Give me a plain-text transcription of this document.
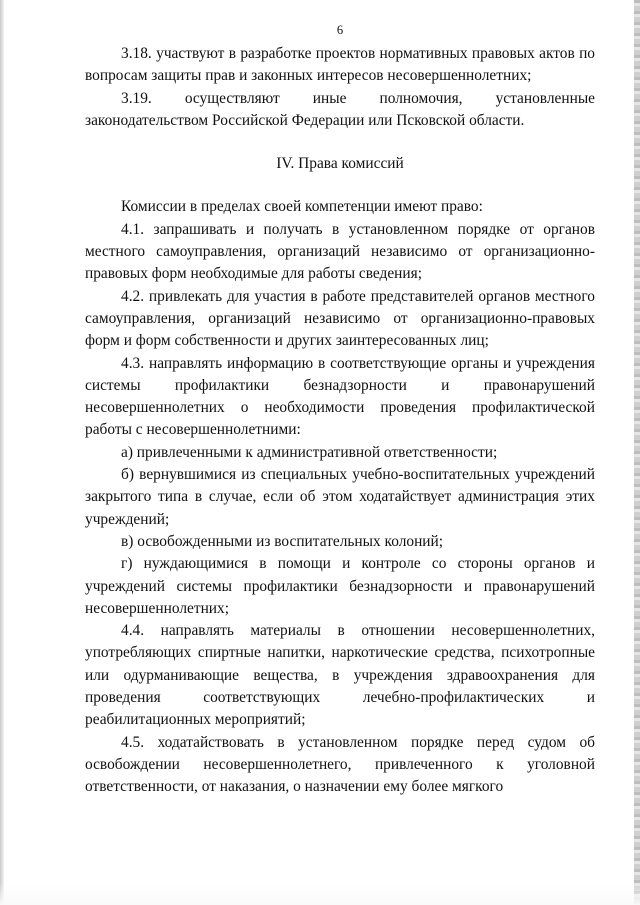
6

3.18. участвуют в разработке проектов нормативных правовых актов по вопросам защиты прав и законных интересов несовершеннолетних;

3.19. осуществляют иные полномочия, установленные законодательством Российской Федерации или Псковской области.

IV. Права комиссий

Комиссии в пределах своей компетенции имеют право:

4.1. запрашивать и получать в установленном порядке от органов местного самоуправления, организаций независимо от организационно-правовых форм необходимые для работы сведения;

4.2. привлекать для участия в работе представителей органов местного самоуправления, организаций независимо от организационно-правовых форм и форм собственности и других заинтересованных лиц;

4.3. направлять информацию в соответствующие органы и учреждения системы профилактики безнадзорности и правонарушений несовершеннолетних о необходимости проведения профилактической работы с несовершеннолетними:

а) привлеченными к административной ответственности;

б) вернувшимися из специальных учебно-воспитательных учреждений закрытого типа в случае, если об этом ходатайствует администрация этих учреждений;

в) освобожденными из воспитательных колоний;

г) нуждающимися в помощи и контроле со стороны органов и учреждений системы профилактики безнадзорности и правонарушений несовершеннолетних;

4.4. направлять материалы в отношении несовершеннолетних, употребляющих спиртные напитки, наркотические средства, психотропные или одурманивающие вещества, в учреждения здравоохранения для проведения соответствующих лечебно-профилактических и реабилитационных мероприятий;

4.5. ходатайствовать в установленном порядке перед судом об освобождении несовершеннолетнего, привлеченного к уголовной ответственности, от наказания, о назначении ему более мягкого
